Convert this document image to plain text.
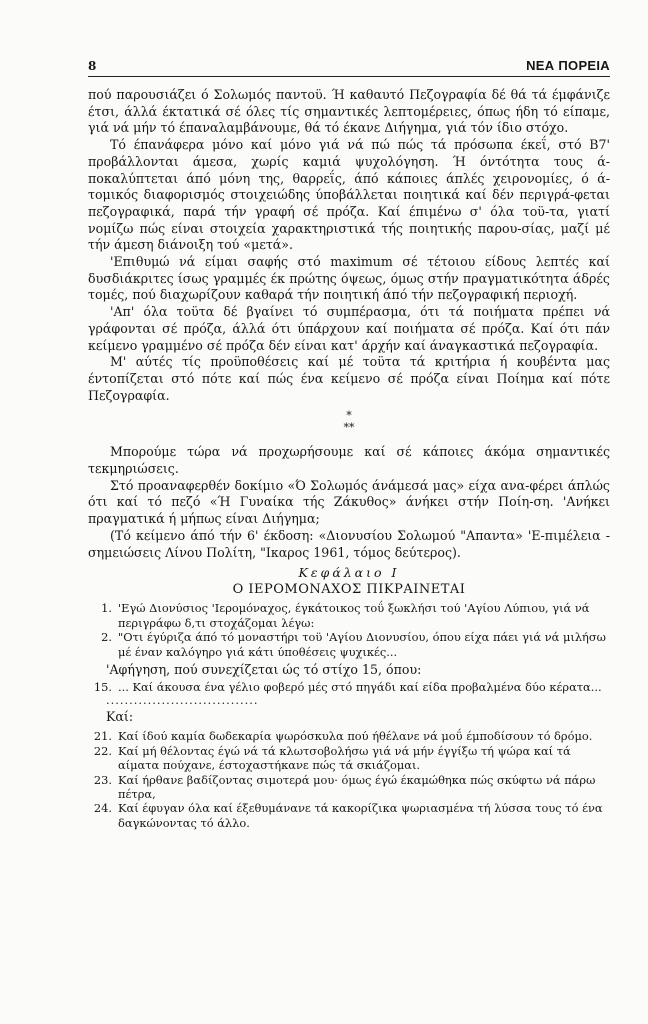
8	ΝΕΑ ΠΟΡΕΙΑ

πού παρουσιάζει ό Σολωμός παντοϋ. Ή καθαυτό Πεζογραφία δέ θά τά έμφάνιζε έτσι, άλλά έκτατικά σέ όλες τίς σημαντικές λεπτομέρειες, όπως ήδη τό είπαμε, γιά νά μήν τό έπαναλαμβάνουμε, θά τό έκανε Διήγημα, γιά τόν ίδιο στόχο.

Τό έπανάφερα μόνο καί μόνο γιά νά πώ πώς τά πρόσωπα έκεΐ, στό Β7' προβάλλονται άμεσα, χωρίς καμιά ψυχολόγηση. Ή όντότητα τους ά-ποκαλύπτεται άπό μόνη της, θαρρεΐς, άπό κάποιες άπλές χειρονομίες, ό ά-τομικός διαφορισμός στοιχειώδης ύποβάλλεται ποιητικά καί δέν περιγρά-φεται πεζογραφικά, παρά τήν γραφή σέ πρόζα. Καί έπιμένω σ' όλα τοϋ-τα, γιατί νομίζω πώς είναι στοιχεία χαρακτηριστικά τής ποιητικής παρου-σίας, μαζί μέ τήν άμεση διάνοιξη τού «μετά».

'Επιθυμώ νά είμαι σαφής στό maximum σέ τέτοιου είδους λεπτές καί δυσδιάκριτες ίσως γραμμές έκ πρώτης όψεως, όμως στήν πραγματικότητα άδρές τομές, πού διαχωρίζουν καθαρά τήν ποιητική άπό τήν πεζογραφική περιοχή.

'Απ' όλα τοϋτα δέ βγαίνει τό συμπέρασμα, ότι τά ποιήματα πρέπει νά γράφονται σέ πρόζα, άλλά ότι ύπάρχουν καί ποιήματα σέ πρόζα. Καί ότι πάν κείμενο γραμμένο σέ πρόζα δέν είναι κατ' άρχήν καί άναγκαστικά πεζογραφία.

Μ' αύτές τίς προϋποθέσεις καί μέ τοϋτα τά κριτήρια ή κουβέντα μας έντοπίζεται στό πότε καί πώς ένα κείμενο σέ πρόζα είναι Ποίημα καί πότε Πεζογραφία.

*
**

Μπορούμε τώρα νά προχωρήσουμε καί σέ κάποιες άκόμα σημαντικές τεκμηριώσεις.

Στό προαναφερθέν δοκίμιο «Ό Σολωμός άνάμεσά μας» είχα ανα-φέρει άπλώς ότι καί τό πεζό «Ή Γυναίκα τής Ζάκυθος» άνήκει στήν Ποίη-ση. 'Ανήκει πραγματικά ή μήπως είναι Διήγημα;

(Τό κείμενο άπό τήν 6' έκδοση: «Διονυσίου Σολωμού "Απαντα» 'Ε-πιμέλεια - σημειώσεις Λίνου Πολίτη, "Ικαρος 1961, τόμος δεύτερος).

Κεφάλαιο Ι
Ο ΙΕΡΟΜΟΝΑΧΟΣ ΠΙΚΡΑΙΝΕΤΑΙ
1. 'Εγώ Διονύσιος 'Ιερομόναχος, έγκάτοικος τοΰ ξωκλήσι τού 'Αγίου Λύπιου, γιά νά περιγράφω δ,τι στοχάζομαι λέγω:
2. "Οτι έγύριζα άπό τό μοναστήρι τοϋ 'Αγίου Διονυσίου, όπου είχα πάει γιά νά μιλήσω μέ έναν καλόγηρο γιά κάτι ύποθέσεις ψυχικές...
'Αφήγηση, πού συνεχίζεται ώς τό στίχο 15, όπου:
15. ... Καί άκουσα ένα γέλιο φοβερό μές στό πηγάδι καί είδα προβαλμένα δύο κέρατα...
.................................
Καί:
21. Καί ίδού καμία δωδεκαρία ψωρόσκυλα πού ήθέλανε νά μοΰ έμποδίσουν τό δρόμο.
22. Καί μή θέλοντας έγώ νά τά κλωτσοβολήσω γιά νά μήν έγγίξω τή ψώρα καί τά αίματα πούχανε, έστοχαστήκανε πώς τά σκιάζομαι.
23. Καί ήρθανε βαδίζοντας σιμοτερά μου· όμως έγώ έκαμώθηκα πώς σκύφτω νά πάρω πέτρα,
24. Καί έφυγαν όλα καί έξεθυμάνανε τά κακορίζικα ψωριασμένα τή λύσσα τους τό ένα δαγκώνοντας τό άλλο.
